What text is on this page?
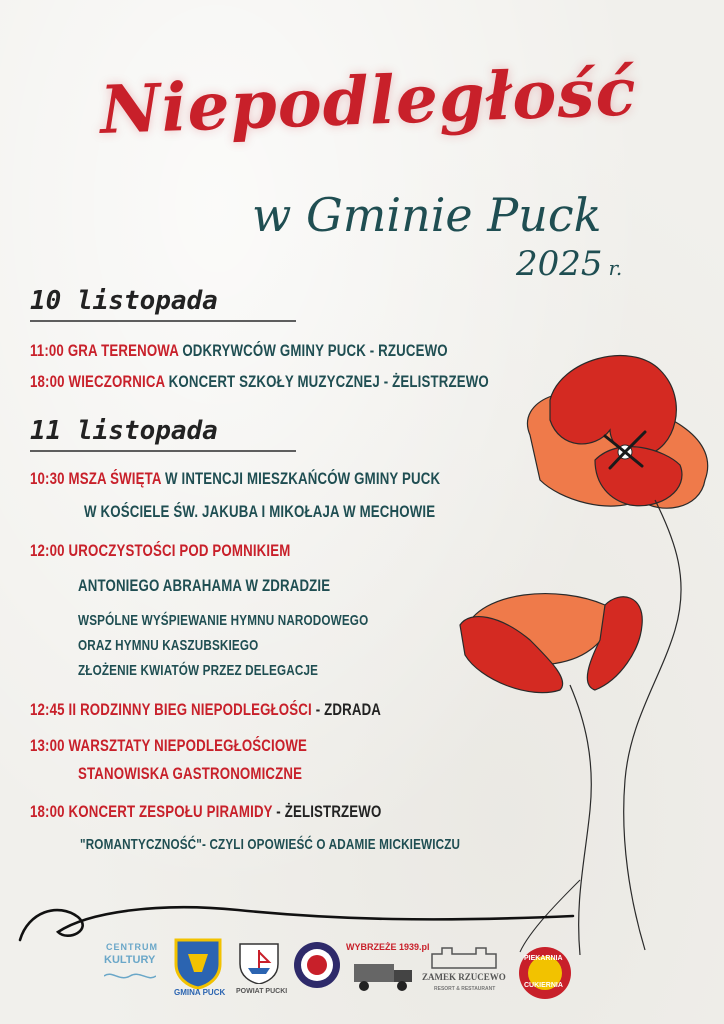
Niepodległość
w Gminie Puck
2025 r.
10 listopada
11:00 GRA TERENOWA ODKRYWCÓW GMINY PUCK - RZUCEWO
18:00 WIECZORNICA KONCERT SZKOŁY MUZYCZNEJ - ŻELISTRZEWO
11 listopada
10:30 MSZA ŚWIĘTA W INTENCJI MIESZKAŃCÓW GMINY PUCK
W KOŚCIELE ŚW. JAKUBA I MIKOŁAJA W MECHOWIE
12:00 UROCZYSTOŚCI POD POMNIKIEM
ANTONIEGO ABRAHAMA W ZDRADZIE
WSPÓLNE WYŚPIEWANIE HYMNU NARODOWEGO
ORAZ HYMNU KASZUBSKIEGO
ZŁOŻENIE KWIATÓW PRZEZ DELEGACJE
12:45 II RODZINNY BIEG NIEPODLEGŁOŚCI - ZDRADA
13:00 WARSZTATY NIEPODLEGŁOŚCIOWE
STANOWISKA GASTRONOMICZNE
18:00 KONCERT ZESPOŁU PIRAMIDY - ŻELISTRZEWO
"ROMANTYCZNOŚĆ"- CZYLI OPOWIEŚĆ O ADAMIE MICKIEWICZU
CENTRUM
KULTURY
GMINA PUCK POWIAT PUCKI
WYBRZEŻE 1939.pl
ZAMEK RZUCEWO
RESORT & RESTAURANT
PIEKARNIA
CUKIERNIA
